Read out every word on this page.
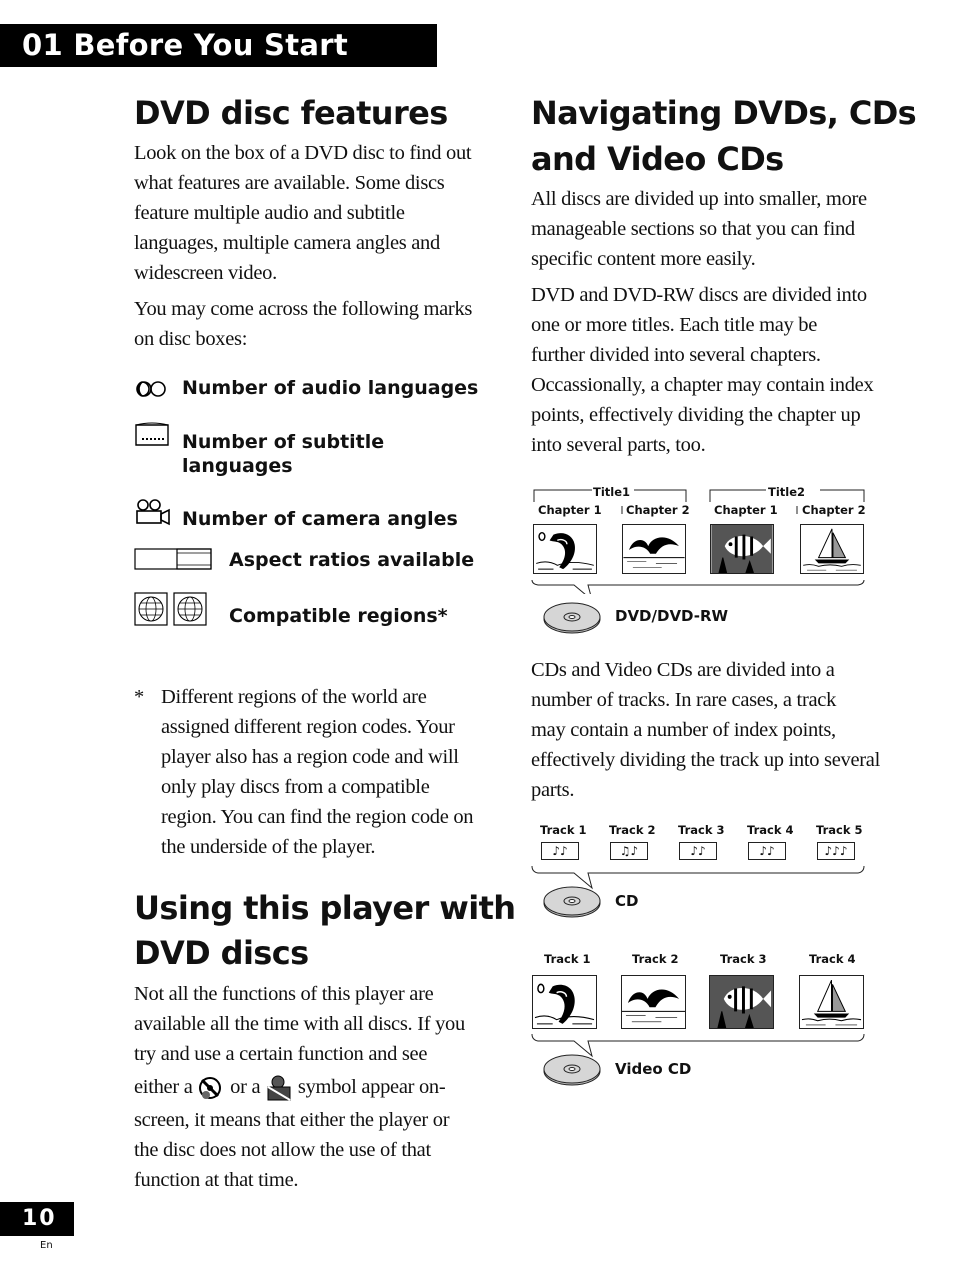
01 Before You Start
DVD disc features
Look on the box of a DVD disc to find out
what features are available. Some discs
feature multiple audio and subtitle
languages, multiple camera angles and
widescreen video.
You may come across the following marks
on disc boxes:
Number of audio languages
Number of subtitle
languages
Number of camera angles
Aspect ratios available
Compatible regions*
* Different regions of the world are
assigned different region codes. Your
player also has a region code and will
only play discs from a compatible
region. You can find the region code on
the underside of the player.
Using this player with
DVD discs
Not all the functions of this player are
available all the time with all discs. If you
try and use a certain function and see
either a or a symbol appear on-
screen, it means that either the player or
the disc does not allow the use of that
function at that time.
Navigating DVDs, CDs
and Video CDs
All discs are divided up into smaller, more
manageable sections so that you can find
specific content more easily.
DVD and DVD-RW discs are divided into
one or more titles. Each title may be
further divided into several chapters.
Occassionally, a chapter may contain index
points, effectively dividing the chapter up
into several parts, too.
Title1	Title2
Chapter 1 Chapter 2 Chapter 1 Chapter 2
DVD/DVD-RW
CDs and Video CDs are divided into a
number of tracks. In rare cases, a track
may contain a number of index points,
effectively dividing the track up into several
parts.
Track 1 Track 2 Track 3 Track 4 Track 5
♪♪	♫♪	♪♪	♪♪	♪♪♪
CD
Track 1	Track 2	Track 3	Track 4
Video CD
10
En
